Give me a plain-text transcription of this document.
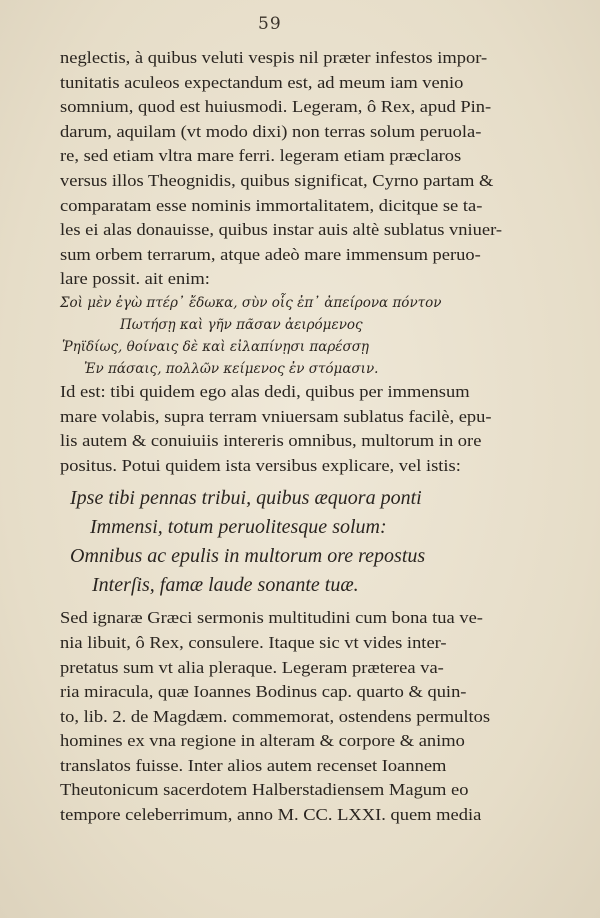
59
neglectis, à quibus veluti vespis nil præter infestos impor-
tunitatis aculeos expectandum est, ad meum iam venio
somnium, quod est huiusmodi. Legeram, ô Rex, apud Pin-
darum, aquilam (vt modo dixi) non terras solum peruola-
re, sed etiam vltra mare ferri. legeram etiam præclaros
versus illos Theognidis, quibus significat, Cyrno partam &
comparatam esse nominis immortalitatem, dicitque se ta-
les ei alas donauisse, quibus instar auis altè sublatus vniuer-
sum orbem terrarum, atque adeò mare immensum peruo-
lare possit. ait enim:
Σοὶ μὲν ἐγὼ πτέρ᾽ ἔδωκα, σὺν οἷς ἐπ᾽ ἀπείρονα πόντον
Πωτήσῃ καὶ γῆν πᾶσαν ἀειρόμενος
Ῥηϊδίως, θοίναις δὲ καὶ εἰλαπίνῃσι παρέσσῃ
Ἐν πάσαις, πολλῶν κείμενος ἐν στόμασιν.
Id est: tibi quidem ego alas dedi, quibus per immensum
mare volabis, supra terram vniuersam sublatus facilè, epu-
lis autem & conuiuiis intereris omnibus, multorum in ore
positus. Potui quidem ista versibus explicare, vel istis:
Ipse tibi pennas tribui, quibus æquora ponti
Immensi, totum peruolitesque solum:
Omnibus ac epulis in multorum ore repostus
Interſis, famæ laude sonante tuæ.
Sed ignaræ Græci sermonis multitudini cum bona tua ve-
nia libuit, ô Rex, consulere. Itaque sic vt vides inter-
pretatus sum vt alia pleraque. Legeram præterea va-
ria miracula, quæ Ioannes Bodinus cap. quarto & quin-
to, lib. 2. de Magdæm. commemorat, ostendens permultos
homines ex vna regione in alteram & corpore & animo
translatos fuisse. Inter alios autem recenset Ioannem
Theutonicum sacerdotem Halberstadiensem Magum eo
tempore celeberrimum, anno M. CC. LXXI. quem media
